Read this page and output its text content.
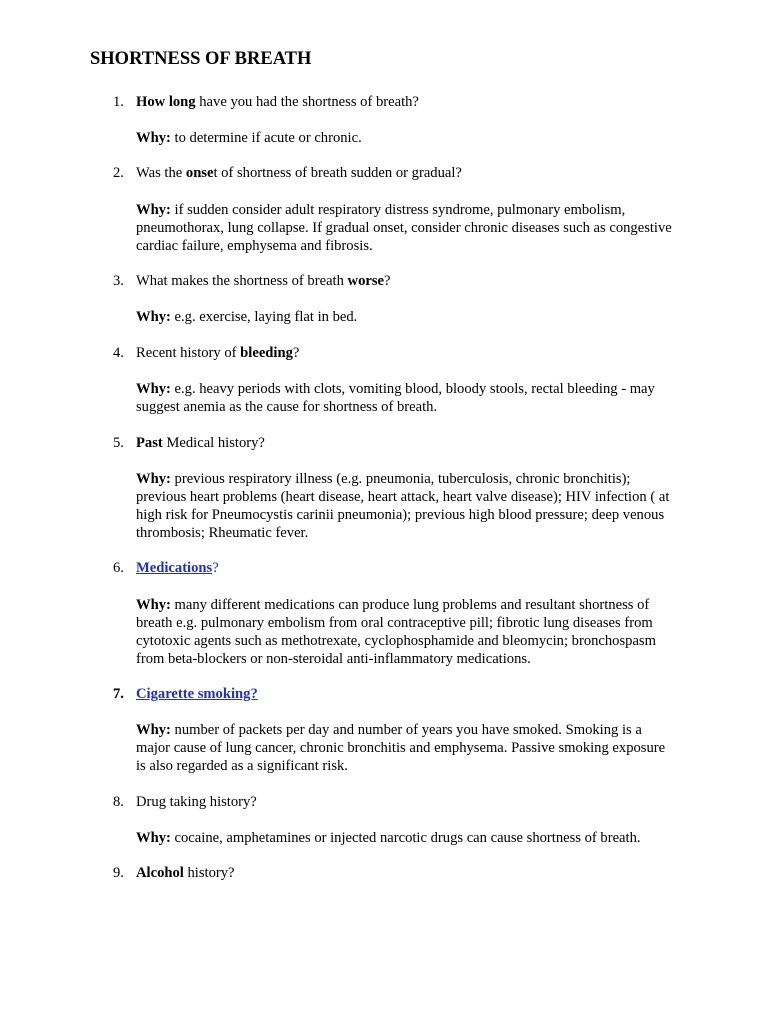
SHORTNESS OF BREATH
1. How long have you had the shortness of breath?
Why: to determine if acute or chronic.
2. Was the onset of shortness of breath sudden or gradual?
Why: if sudden consider adult respiratory distress syndrome, pulmonary embolism, pneumothorax, lung collapse. If gradual onset, consider chronic diseases such as congestive cardiac failure, emphysema and fibrosis.
3. What makes the shortness of breath worse?
Why: e.g. exercise, laying flat in bed.
4. Recent history of bleeding?
Why: e.g. heavy periods with clots, vomiting blood, bloody stools, rectal bleeding - may suggest anemia as the cause for shortness of breath.
5. Past Medical history?
Why: previous respiratory illness (e.g. pneumonia, tuberculosis, chronic bronchitis); previous heart problems (heart disease, heart attack, heart valve disease); HIV infection ( at high risk for Pneumocystis carinii pneumonia); previous high blood pressure; deep venous thrombosis; Rheumatic fever.
6. Medications?
Why: many different medications can produce lung problems and resultant shortness of breath e.g. pulmonary embolism from oral contraceptive pill; fibrotic lung diseases from cytotoxic agents such as methotrexate, cyclophosphamide and bleomycin; bronchospasm from beta-blockers or non-steroidal anti-inflammatory medications.
7. Cigarette smoking?
Why: number of packets per day and number of years you have smoked. Smoking is a major cause of lung cancer, chronic bronchitis and emphysema. Passive smoking exposure is also regarded as a significant risk.
8. Drug taking history?
Why: cocaine, amphetamines or injected narcotic drugs can cause shortness of breath.
9. Alcohol history?
